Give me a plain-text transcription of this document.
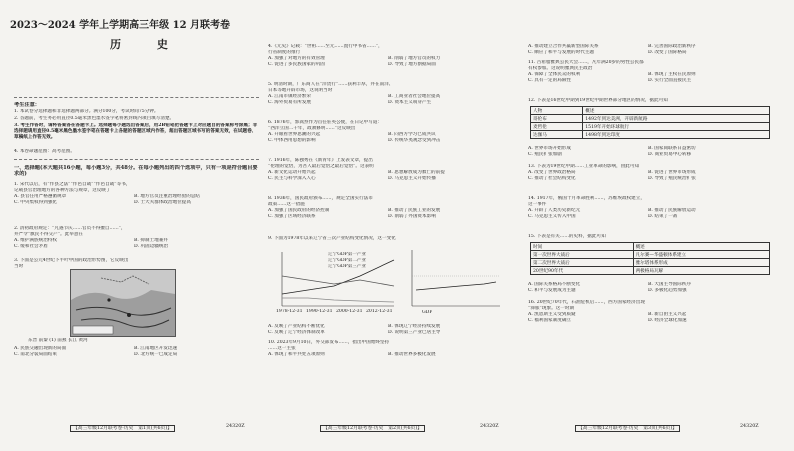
2023～2024 学年上学期高三年级 12 月联考卷
历 史
考生注意：
1. 本试卷分选择题和非选择题两部分。满分100分，考试时间75分钟。
2. 答题前，考生务必用直径0.5毫米黑色墨水签字笔将密封线内项目填写清楚。
3. 考生作答时，请将答案答在答题卡上。选择题每小题选出答案后，用2B铅笔把答题卡上对应题目的答案标号涂黑；非选择题请用直径0.5毫米黑色墨水签字笔在答题卡上各题的答题区域内作答，超出答题区域书写的答案无效，在试题卷、草稿纸上作答无效。
4. 本卷命题范围：高考范围。
一、选择题(本大题共16小题，每小题3分，共48分。在每小题列出的四个选项中，只有一项是符合题目要求的)
1. 宋代以后，有“作县之法”“作邑自箴”“作邑自箴”等书，
记载县官治理地方的各种方法与规章，这反映了
A. 县官任用严格遵循规章	B. 地方官员注重治理经验的总结
C. 中央集权得到强化	D. 士大夫群体政治地位提高
2. 清初政府规定：“凡遇节庆……官员不得擅自……”，
并严令“旗民不得交产”。此举意在
A. 维护满族统治特权	B. 抑制土地兼并
C. 缓和社会矛盾	D. 巩固边疆统治
3. 下面是公元4世纪下半叶中国的政治形势图，它反映出
当时
东晋 前秦 (1) 前燕 长江 黄河
A. 民族交融出现新的局面	B. 江南地区开发迅速
C. 南北分裂局面结束	D. 北方统一已成定局
【高三年级12月联考卷·历史　第1页(共6页)】	24320Z
4.《元史》记载：“世祖……至元……置行中书省……”，
行省制度的推行
A. 加强了对地方的有效管理	B. 削弱了地方官员的权力
C. 促进了多民族国家的巩固	D. 导致了地方割据局面
5. 明清时期，广东商人在“洋货行”……获利丰厚，并在南洋、
日本等地开辟市场，这说明当时
A. 江南市镇经济繁荣	B. 工商业者社会地位提高
C. 海外贸易有所发展	D. 资本主义萌芽产生
6. 1876年，郭嵩焘作为首任驻英公使，在日记中写道：
“西洋立国二千年，政教修明……”这反映出
A. 开眼看世界思潮的兴起	B. 向西方学习已成共识
C. 中体西用思想的影响	D. 传统华夷观念受到冲击
7. 1916年，陈独秀在《新青年》上发表文章，提出
“伦理的觉悟，为吾人最后觉悟之最后觉悟”。这表明
A. 新文化运动开始兴起	B. 思想解放成为救亡的前提
C. 民主与科学深入人心	D. 马克思主义开始传播
8. 1936年，国民政府颁布……，规定全国实行法币
政策……这一措施
A. 加强了国民政府的经济控制	B. 推动了民族工业的发展
C. 加强了区域经济联系	D. 削弱了外国资本影响
9. 下面为1978年以来辽宁省三次产业结构变化情况，这一变化
辽宁GDP第一产业
辽宁GDP第二产业
辽宁GDP第三产业
1978-12-31 1990-12-31 2000-12-31 2012-12-31	GDP
A. 反映了产业结构不断优化	B. 体现辽宁经济持续发展
C. 反映了辽宁经济体制改革	D. 说明第三产业已居主导
10. 2023年9月10日，外交部发布……，指出中国始终坚持
……这一主张
A. 体现了和平共处五项原则	B. 推动世界多极化发展
【高三年级12月联考卷·历史　第2页(共6页)】	24320Z
A. 推动建立合作共赢新型国际关系	B. 完善国际政治新秩序
C. 顺应了和平与发展的时代主题	D. 改变了国际格局
11. 古希腊雅典公民大会……，凡年满20岁的男性公民都
有权参加。这说明雅典民主政治
A. 保障了全体民众的权利	B. 体现了主权在民原则
C. 具有一定的局限性	D. 实行全面直接民主
12. 下表是16世纪中期到19世纪中期世界部分地区的情况，据此可知
人物	概述
哥伦布	1492年到达美洲，开辟新航路
麦哲伦	1519年开始环球航行
达伽马	1498年到达印度
A. 世界市场开始形成	B. 国家间联系日益密切
C. 殖民扩张加剧	D. 商业贸易中心转移
13. 下表为19世纪中期……工业革命的影响，由此可知
A. 改变了世界政治格局	B. 促进了世界市场形成
C. 推动了社会结构变化	D. 导致了殖民统治扩张
14. 1917年，俄国十月革命胜利……，苏维埃政权建立，
这一事件
A. 开辟了人类历史新纪元	B. 推动了民族解放运动
C. 马克思主义传入中国	D. 结束了一战
15. 下表是有关……的史料，据此可知
时间	概述
第一次世界大战后	凡尔赛—华盛顿体系建立
第二次世界大战后	雅尔塔体系形成
20世纪90年代	两极格局瓦解
A. 国际关系格局不断变化	B. 大国主导国际秩序
C. 和平与发展成为主题	D. 多极化趋势加强
16. 20世纪70年代，石油危机后……，西方国家经济出现
“滞胀”现象。这一时期
A. 凯恩斯主义受到质疑	B. 新自由主义兴起
C. 福利国家制度确立	D. 经济全球化加速
【高三年级12月联考卷·历史　第3页(共6页)】	24320Z
